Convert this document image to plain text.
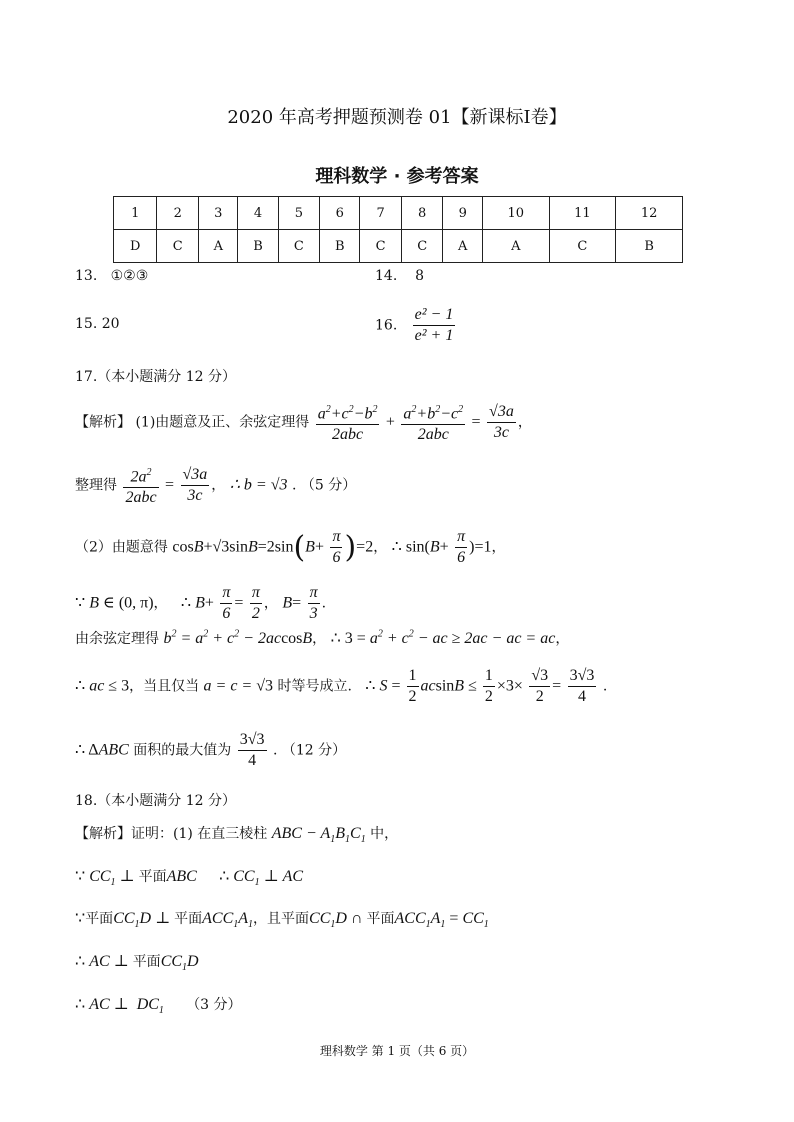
2020 年高考押题预测卷 01【新课标Ⅰ卷】
理科数学 · 参考答案
1	2	3	4	5	6	7	8	9	10	11	12
D	C	A	B	C	B	C	C	A	A	C	B
13. ①②③	14. 8
15. 20	16. $\frac{\text{e² − 1}}{\text{e² + 1}}$
17.（本小题满分 12 分）
【解析】 (1)由题意及正、余弦定理得 $\frac{a^2+c^2-b^2}{\text{2abc}} + \frac{a^2+b^2-c^2}{\text{2abc}} = \frac{√3a}{3c}$ ，
整理得 $\frac{2a^2}{\text{2abc}} = \frac{√3a}{3c}$ ， ∴ b = √3 . （5 分）
（2）由题意得 $\cos B+√3\sin B=2\sin(B+ \frac{\pi}{6} )=2$， ∴ $\sin(B+ \frac{\pi}{6} )=1$，
∵ B ∈ (0, π)，   ∴ $B+ \frac{\pi}{6} = \frac{\pi}{2}$ ， $B= \frac{\pi}{3}$ .
由余弦定理得 $b^2 = a^2 + c^2 - 2accosB$， ∴ $3 = a^2 + c^2$ − ac ≥ 2ac − ac = ac，
∴ ac ≤ 3，当且仅当 a = c = √3 时等号成立. ∴ $S = \frac{1}{2}$ $acsinB \le \frac{1}{2} \times 3\times \frac{√3}{2} = \frac{3√3}{4}$ .
∴ ΔABC 面积的最大值为 $\frac{3√3}{4}$ . （12 分）
18.（本小题满分 12 分）
【解析】证明：(1) 在直三棱柱 ABC − $A_1B_1C_1$ 中，
∵ $CC_1$ ⊥ 平面ABC ∴ $CC_1$ ⊥ AC
∵平面$CC_1D$ ⊥ 平面$ACC_1A_1$，且平面$CC_1D$ ∩ 平面$ACC_1A_1 = CC_1$
∴ AC ⊥ 平面$CC_1D$
∴ AC ⊥  $DC_1$ （3 分）
理科数学 第 1 页（共 6 页）
